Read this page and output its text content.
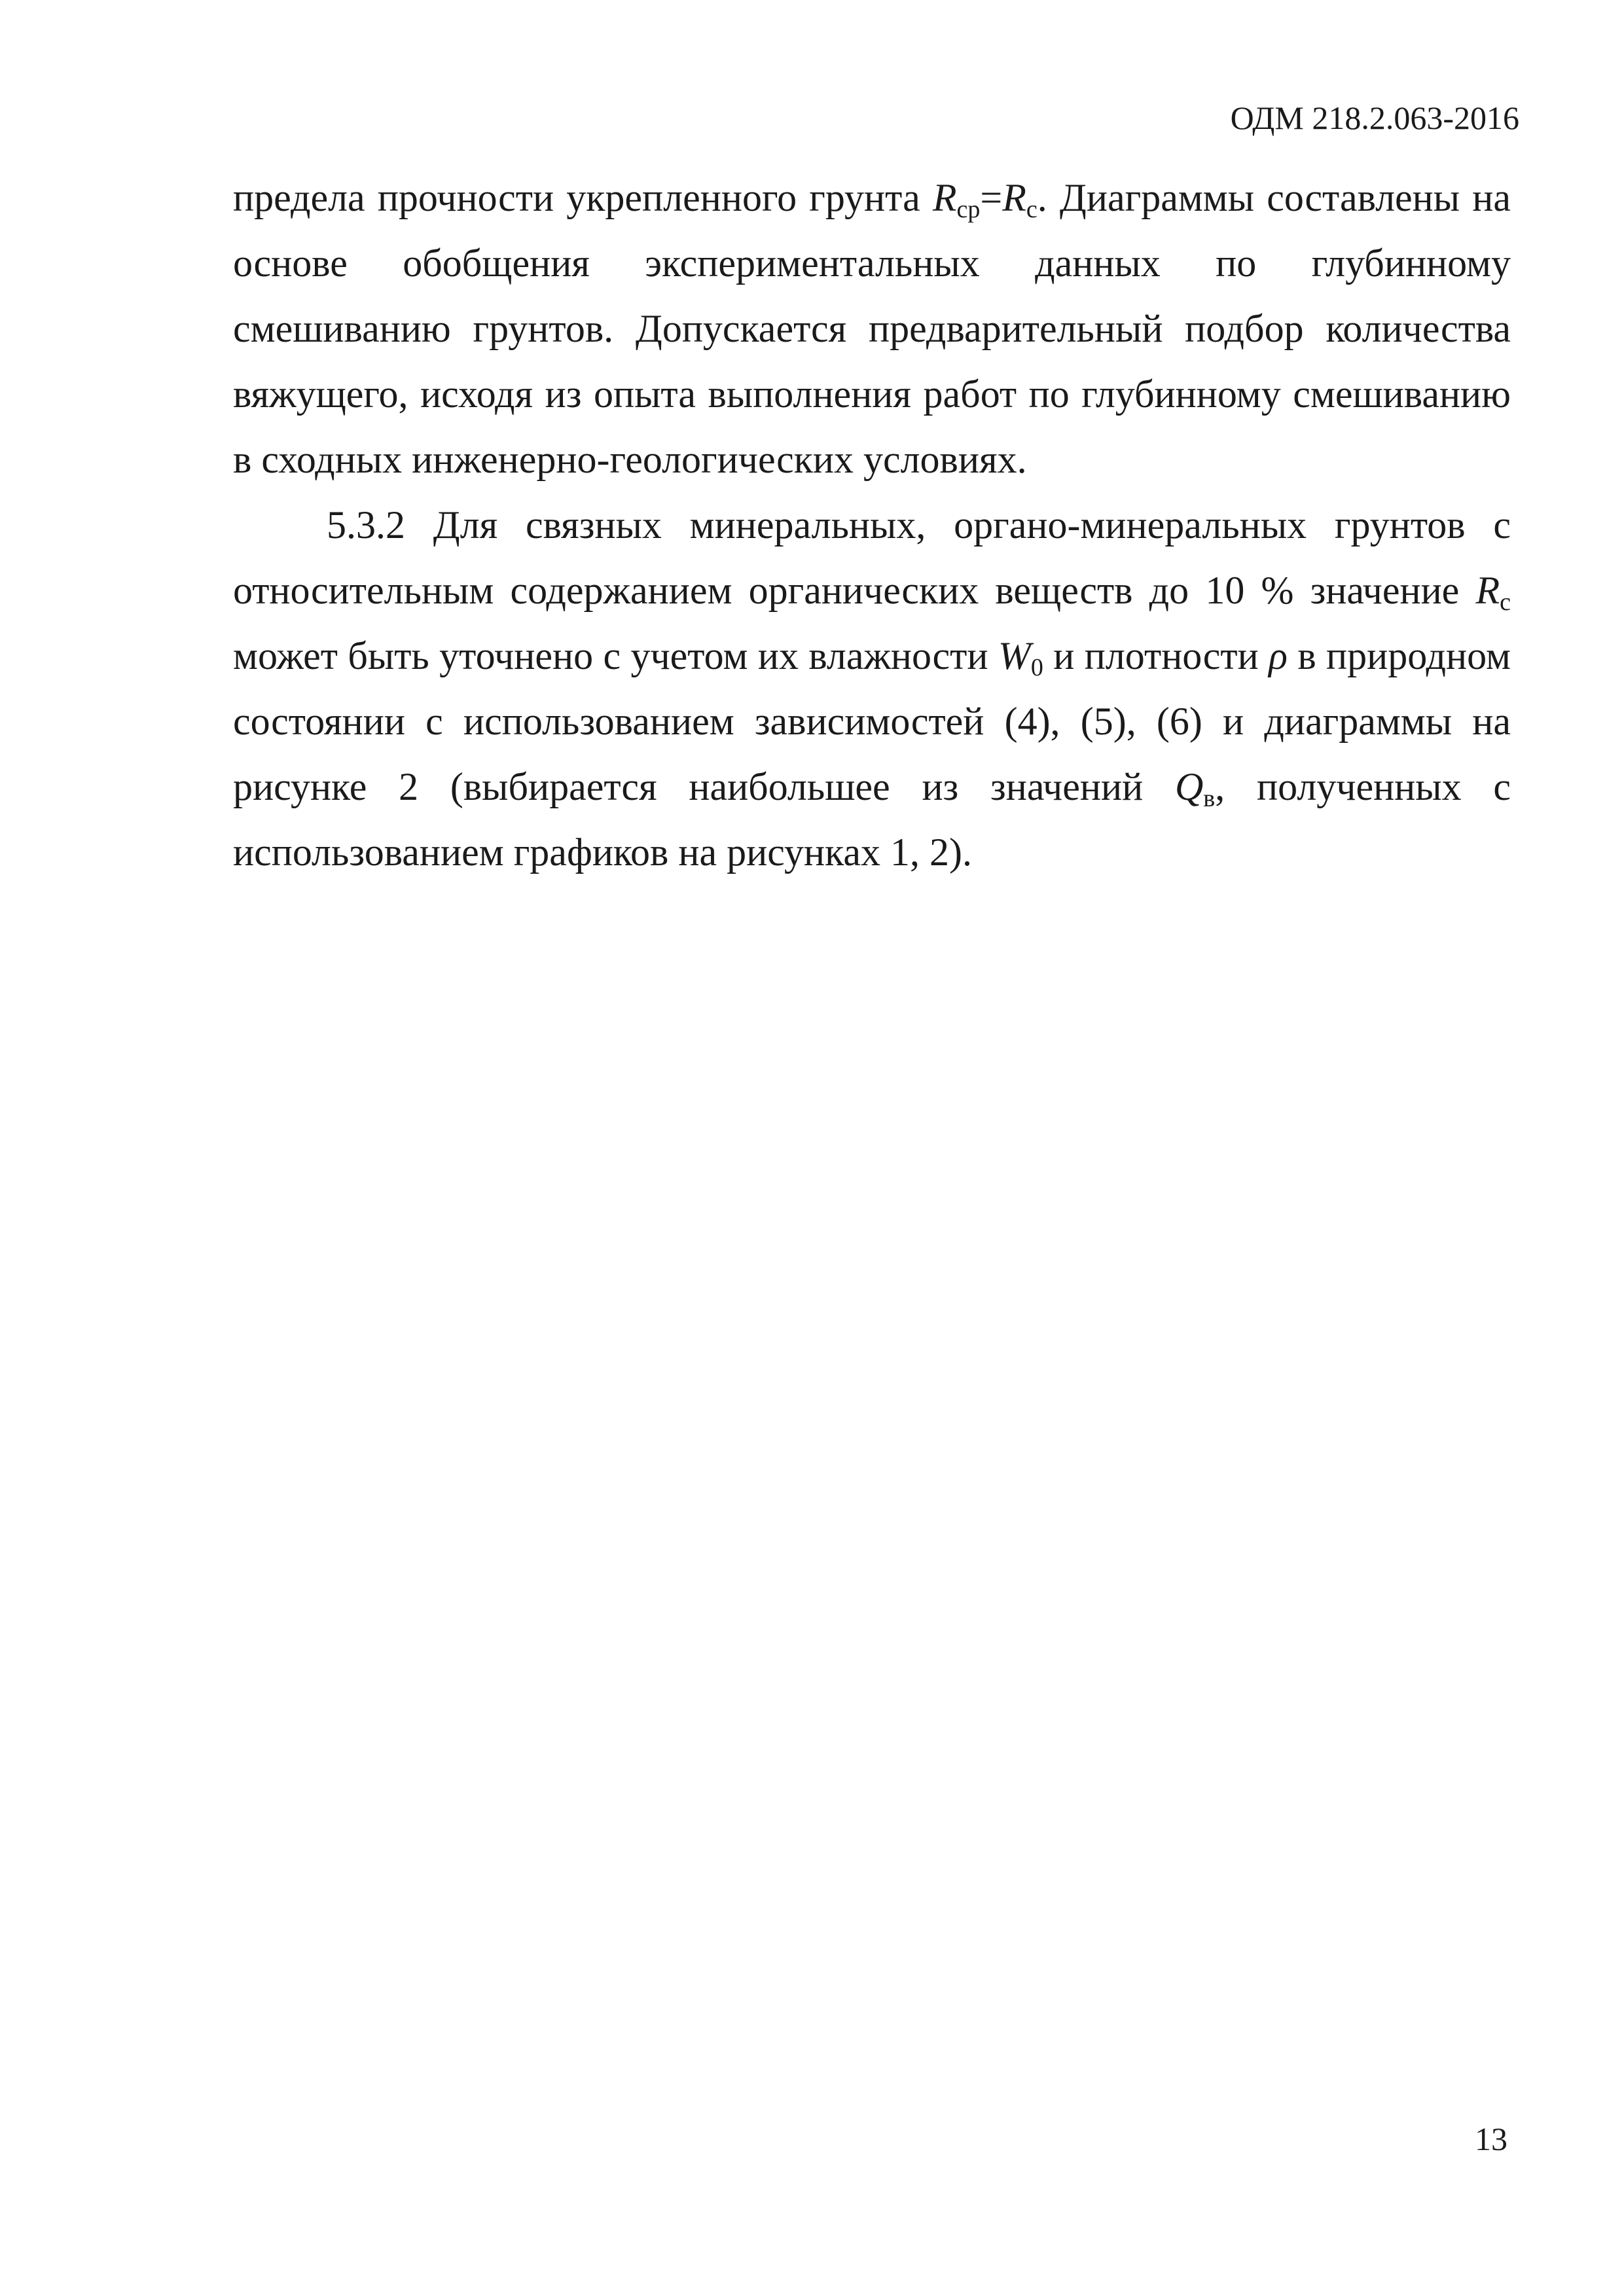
ОДМ 218.2.063-2016

предела прочности укрепленного грунта $R_{ср}=R_с$. Диаграммы составлены на основе обобщения экспериментальных данных по глубинному смешиванию грунтов. Допускается предварительный подбор количества вяжущего, исходя из опыта выполнения работ по глубинному смешиванию в сходных инженерно-геологических условиях.

5.3.2 Для связных минеральных, органо-минеральных грунтов с относительным содержанием органических веществ до 10 % значение $R_c$ может быть уточнено с учетом их влажности $W_0$ и плотности ρ в природном состоянии с использованием зависимостей (4), (5), (6) и диаграммы на рисунке 2 (выбирается наибольшее из значений $Q_в$, полученных с использованием графиков на рисунках 1, 2).

13
